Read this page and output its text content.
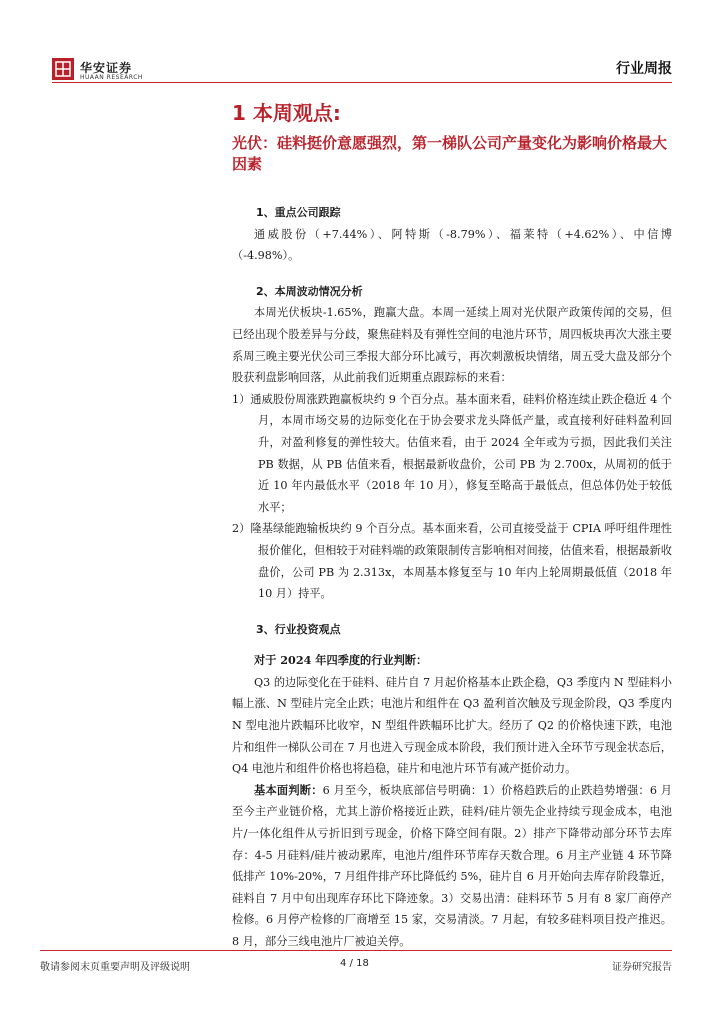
华安证券
HUAAN RESEARCH
行业周报
1 本周观点:
光伏：硅料挺价意愿强烈，第一梯队公司产量变化为影响价格最大因素
1、重点公司跟踪

通威股份（+7.44%）、阿特斯（-8.79%）、福莱特（+4.62%）、中信博（-4.98%）。

2、本周波动情况分析

本周光伏板块-1.65%，跑赢大盘。本周一延续上周对光伏限产政策传闻的交易，但已经出现个股差异与分歧，聚焦硅料及有弹性空间的电池片环节，周四板块再次大涨主要系周三晚主要光伏公司三季报大部分环比减亏，再次刺激板块情绪，周五受大盘及部分个股获利盘影响回落，从此前我们近期重点跟踪标的来看：

1）通威股份周涨跌跑赢板块约 9 个百分点。基本面来看，硅料价格连续止跌企稳近 4 个月，本周市场交易的边际变化在于协会要求龙头降低产量，或直接利好硅料盈利回升，对盈利修复的弹性较大。估值来看，由于 2024 全年或为亏损，因此我们关注 PB 数据，从 PB 估值来看，根据最新收盘价，公司 PB 为 2.700x，从周初的低于近 10 年内最低水平（2018 年 10 月），修复至略高于最低点，但总体仍处于较低水平；

2）隆基绿能跑输板块约 9 个百分点。基本面来看，公司直接受益于 CPIA 呼吁组件理性报价催化，但相较于对硅料端的政策限制传言影响相对间接，估值来看，根据最新收盘价，公司 PB 为 2.313x，本周基本修复至与 10 年内上轮周期最低值（2018 年 10 月）持平。

3、行业投资观点

对于 2024 年四季度的行业判断：

Q3 的边际变化在于硅料、硅片自 7 月起价格基本止跌企稳，Q3 季度内 N 型硅料小幅上涨、N 型硅片完全止跌；电池片和组件在 Q3 盈利首次触及亏现金阶段，Q3 季度内 N 型电池片跌幅环比收窄，N 型组件跌幅环比扩大。经历了 Q2 的价格快速下跌，电池片和组件一梯队公司在 7 月也进入亏现金成本阶段，我们预计进入全环节亏现金状态后，Q4 电池片和组件价格也将趋稳，硅片和电池片环节有减产挺价动力。

基本面判断：6 月至今，板块底部信号明确：1）价格趋跌后的止跌趋势增强：6 月至今主产业链价格，尤其上游价格接近止跌，硅料/硅片领先企业持续亏现金成本，电池片/一体化组件从亏折旧到亏现金，价格下降空间有限。2）排产下降带动部分环节去库存：4-5 月硅料/硅片被动累库，电池片/组件环节库存天数合理。6 月主产业链 4 环节降低排产 10%-20%，7 月组件排产环比降低约 5%，硅片自 6 月开始向去库存阶段靠近，硅料自 7 月中旬出现库存环比下降迹象。3）交易出清：硅料环节 5 月有 8 家厂商停产检修。6 月停产检修的厂商增至 15 家，交易清淡。7 月起，有较多硅料项目投产推迟。8 月，部分三线电池片厂被迫关停。

敬请参阅末页重要声明及评级说明	4 / 18	证券研究报告
